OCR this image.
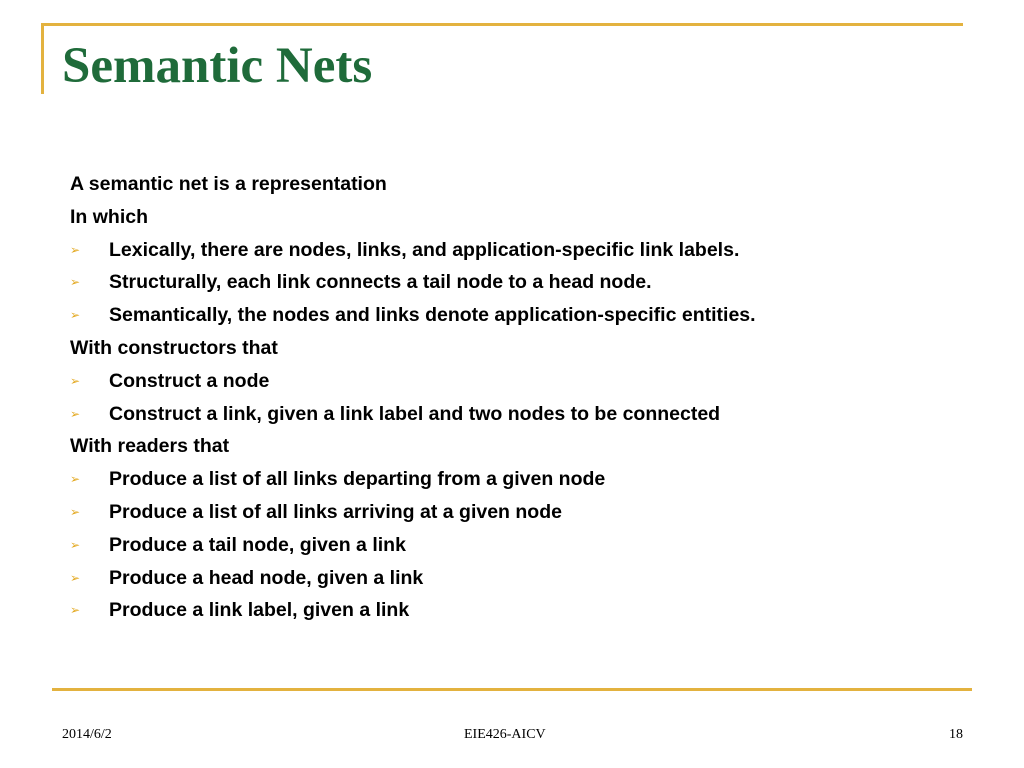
Semantic Nets
A semantic net is a representation
In which
➢ Lexically, there are nodes, links, and application-specific link labels.
➢ Structurally, each link connects a tail node to a head node.
➢ Semantically, the nodes and links denote application-specific entities.
With constructors that
➢ Construct a node
➢ Construct a link, given a link label and two nodes to be connected
With readers that
➢ Produce a list of all links departing from a given node
➢ Produce a list of all links arriving at a given node
➢ Produce a tail node, given a link
➢ Produce a head node, given a link
➢ Produce a link label, given a link
2014/6/2	EIE426-AICV	18
